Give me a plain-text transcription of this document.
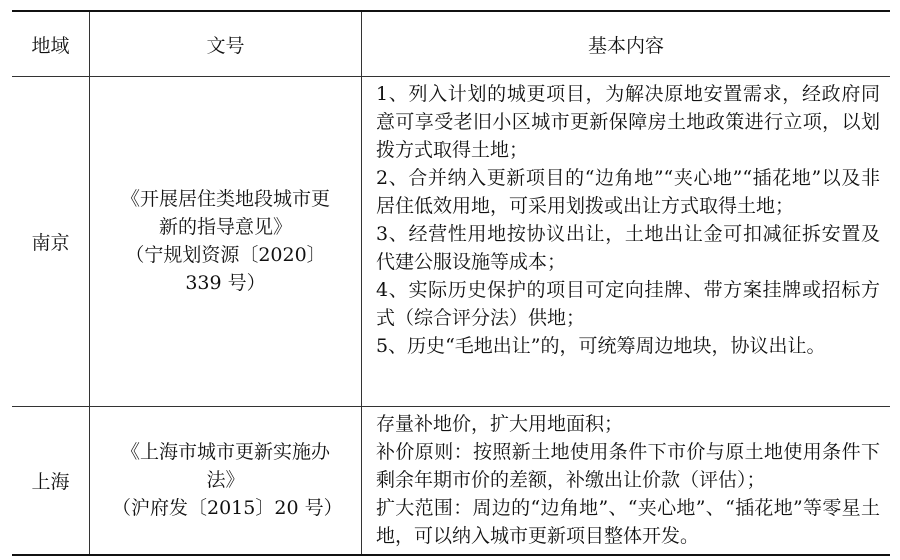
地域	文号	基本内容
南京
《开展居住类地段城市更新的指导意见》
（宁规划资源〔2020〕339 号）

1、列入计划的城更项目，为解决原地安置需求，经政府同意可享受老旧小区城市更新保障房土地政策进行立项，以划拨方式取得土地；

2、合并纳入更新项目的“边角地”“夹心地”“插花地”以及非居住低效用地，可采用划拨或出让方式取得土地；

3、经营性用地按协议出让，土地出让金可扣减征拆安置及代建公服设施等成本；

4、实际历史保护的项目可定向挂牌、带方案挂牌或招标方式（综合评分法）供地；

5、历史“毛地出让”的，可统筹周边地块，协议出让。

上海
《上海市城市更新实施办法》
（沪府发〔2015〕20 号）

存量补地价，扩大用地面积；

补价原则：按照新土地使用条件下市价与原土地使用条件下剩余年期市价的差额，补缴出让价款（评估）；

扩大范围：周边的“边角地”、“夹心地”、“插花地”等零星土地，可以纳入城市更新项目整体开发。
